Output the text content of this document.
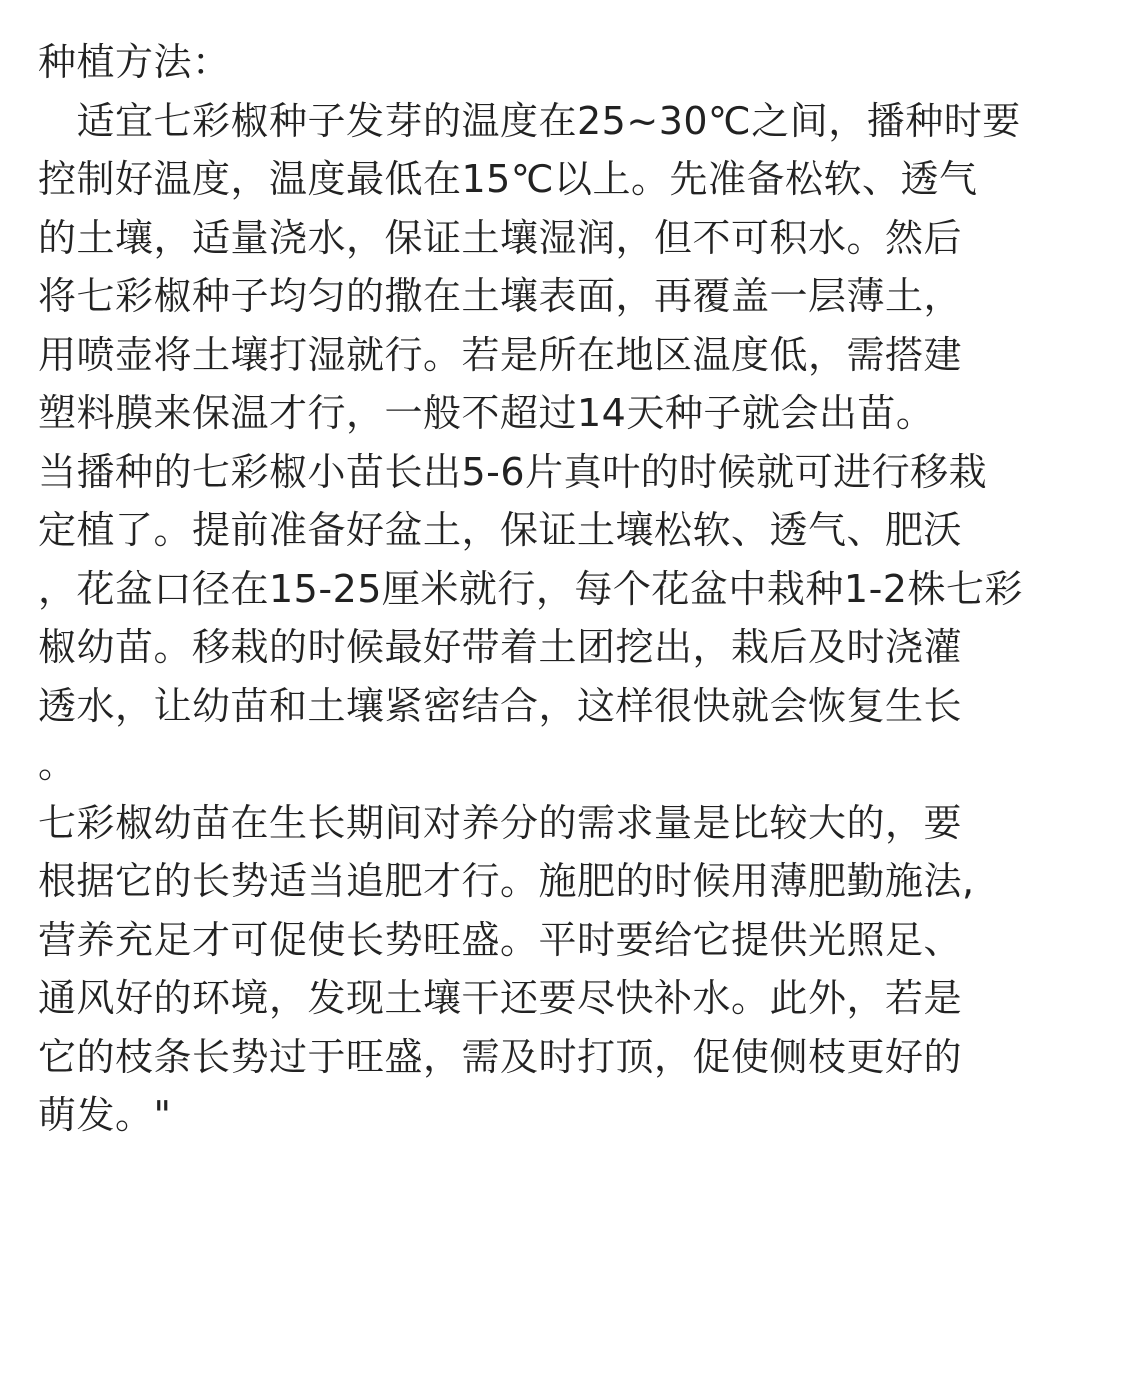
种植方法：
　适宜七彩椒种子发芽的温度在25~30℃之间，播种时要
控制好温度，温度最低在15℃以上。先准备松软、透气
的土壤，适量浇水，保证土壤湿润，但不可积水。然后
将七彩椒种子均匀的撒在土壤表面，再覆盖一层薄土，
用喷壶将土壤打湿就行。若是所在地区温度低，需搭建
塑料膜来保温才行，一般不超过14天种子就会出苗。
当播种的七彩椒小苗长出5-6片真叶的时候就可进行移栽
定植了。提前准备好盆土，保证土壤松软、透气、肥沃
，花盆口径在15-25厘米就行，每个花盆中栽种1-2株七彩
椒幼苗。移栽的时候最好带着土团挖出，栽后及时浇灌
透水，让幼苗和土壤紧密结合，这样很快就会恢复生长
。
七彩椒幼苗在生长期间对养分的需求量是比较大的，要
根据它的长势适当追肥才行。施肥的时候用薄肥勤施法,
营养充足才可促使长势旺盛。平时要给它提供光照足、
通风好的环境，发现土壤干还要尽快补水。此外，若是
它的枝条长势过于旺盛，需及时打顶，促使侧枝更好的
萌发。"
